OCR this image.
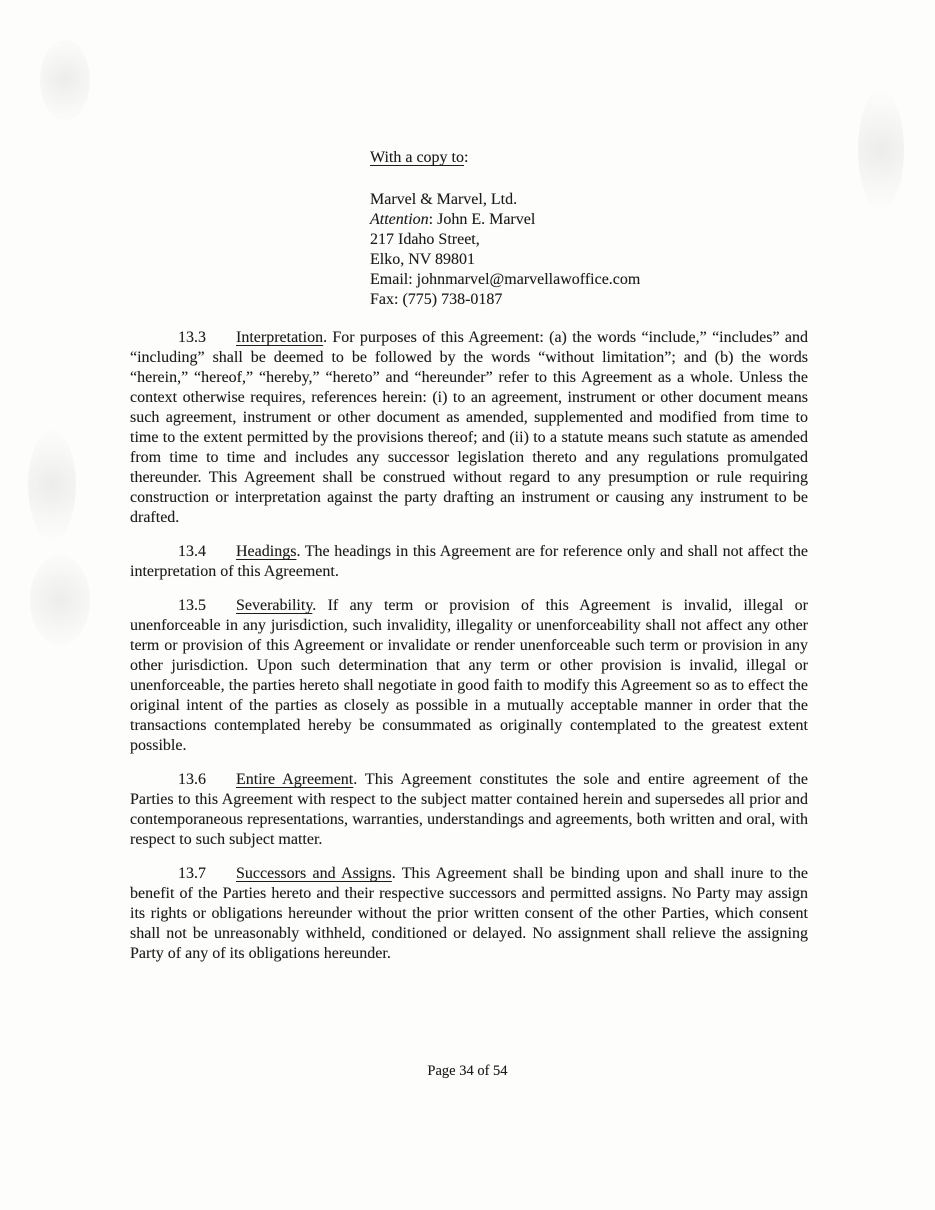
With a copy to:

Marvel & Marvel, Ltd.

Attention: John E. Marvel

217 Idaho Street,

Elko, NV 89801

Email: johnmarvel@marvellawoffice.com

Fax: (775) 738-0187

13.3 Interpretation. For purposes of this Agreement: (a) the words “include,” “includes” and “including” shall be deemed to be followed by the words “without limitation”; and (b) the words “herein,” “hereof,” “hereby,” “hereto” and “hereunder” refer to this Agreement as a whole. Unless the context otherwise requires, references herein: (i) to an agreement, instrument or other document means such agreement, instrument or other document as amended, supplemented and modified from time to time to the extent permitted by the provisions thereof; and (ii) to a statute means such statute as amended from time to time and includes any successor legislation thereto and any regulations promulgated thereunder. This Agreement shall be construed without regard to any presumption or rule requiring construction or interpretation against the party drafting an instrument or causing any instrument to be drafted.

13.4 Headings. The headings in this Agreement are for reference only and shall not affect the interpretation of this Agreement.

13.5 Severability. If any term or provision of this Agreement is invalid, illegal or unenforceable in any jurisdiction, such invalidity, illegality or unenforceability shall not affect any other term or provision of this Agreement or invalidate or render unenforceable such term or provision in any other jurisdiction. Upon such determination that any term or other provision is invalid, illegal or unenforceable, the parties hereto shall negotiate in good faith to modify this Agreement so as to effect the original intent of the parties as closely as possible in a mutually acceptable manner in order that the transactions contemplated hereby be consummated as originally contemplated to the greatest extent possible.

13.6 Entire Agreement. This Agreement constitutes the sole and entire agreement of the Parties to this Agreement with respect to the subject matter contained herein and supersedes all prior and contemporaneous representations, warranties, understandings and agreements, both written and oral, with respect to such subject matter.

13.7 Successors and Assigns. This Agreement shall be binding upon and shall inure to the benefit of the Parties hereto and their respective successors and permitted assigns. No Party may assign its rights or obligations hereunder without the prior written consent of the other Parties, which consent shall not be unreasonably withheld, conditioned or delayed. No assignment shall relieve the assigning Party of any of its obligations hereunder.

Page 34 of 54
